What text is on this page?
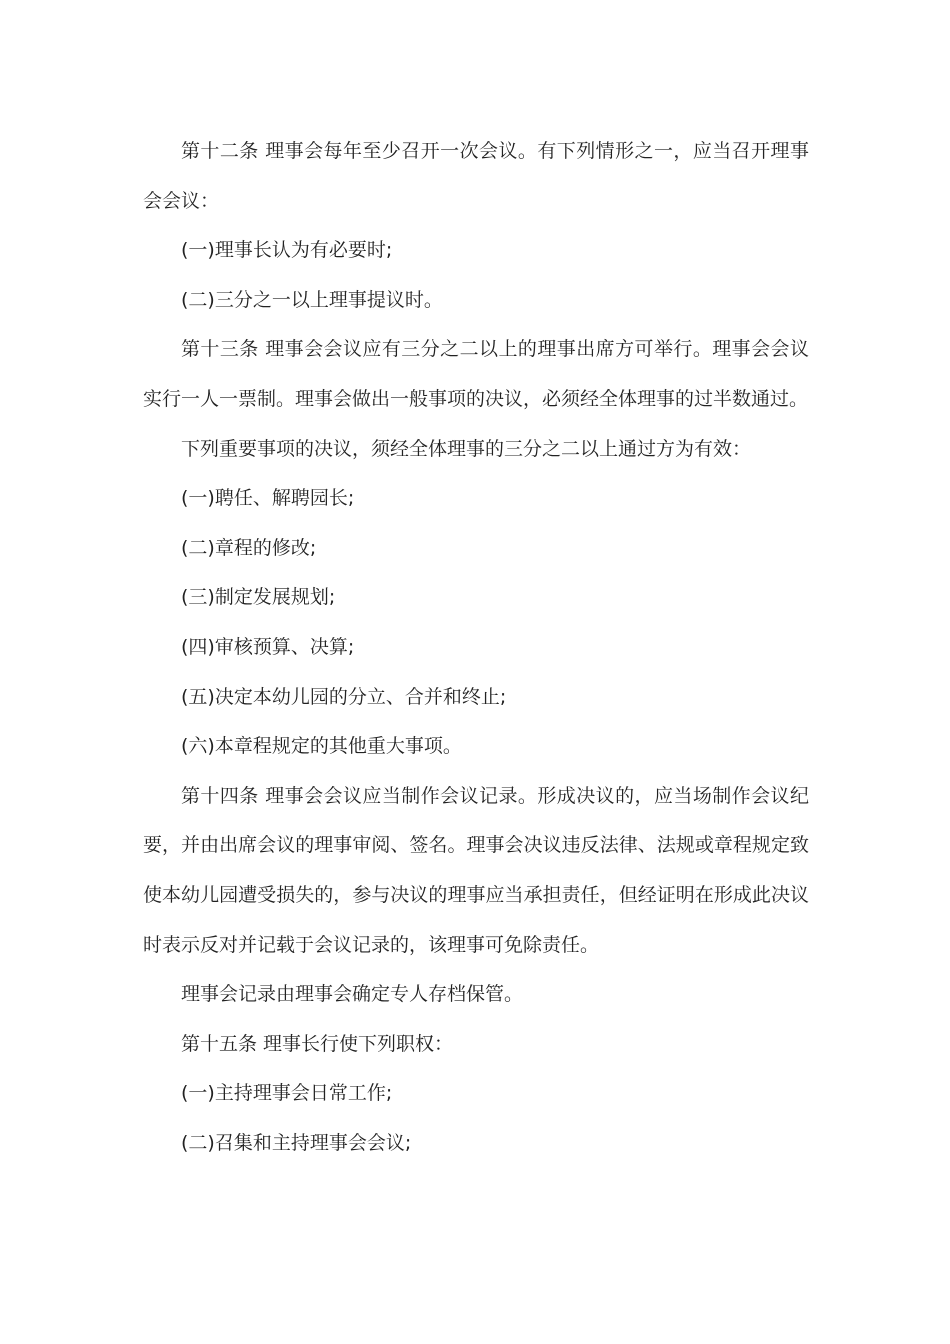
第十二条 理事会每年至少召开一次会议。有下列情形之一，应当召开理事会会议：

(一)理事长认为有必要时;

(二)三分之一以上理事提议时。

第十三条 理事会会议应有三分之二以上的理事出席方可举行。理事会会议实行一人一票制。理事会做出一般事项的决议，必须经全体理事的过半数通过。

下列重要事项的决议，须经全体理事的三分之二以上通过方为有效：

(一)聘任、解聘园长;

(二)章程的修改;

(三)制定发展规划;

(四)审核预算、决算;

(五)决定本幼儿园的分立、合并和终止;

(六)本章程规定的其他重大事项。

第十四条 理事会会议应当制作会议记录。形成决议的，应当场制作会议纪要，并由出席会议的理事审阅、签名。理事会决议违反法律、法规或章程规定致使本幼儿园遭受损失的，参与决议的理事应当承担责任，但经证明在形成此决议时表示反对并记载于会议记录的，该理事可免除责任。

理事会记录由理事会确定专人存档保管。

第十五条 理事长行使下列职权：

(一)主持理事会日常工作;

(二)召集和主持理事会会议;
